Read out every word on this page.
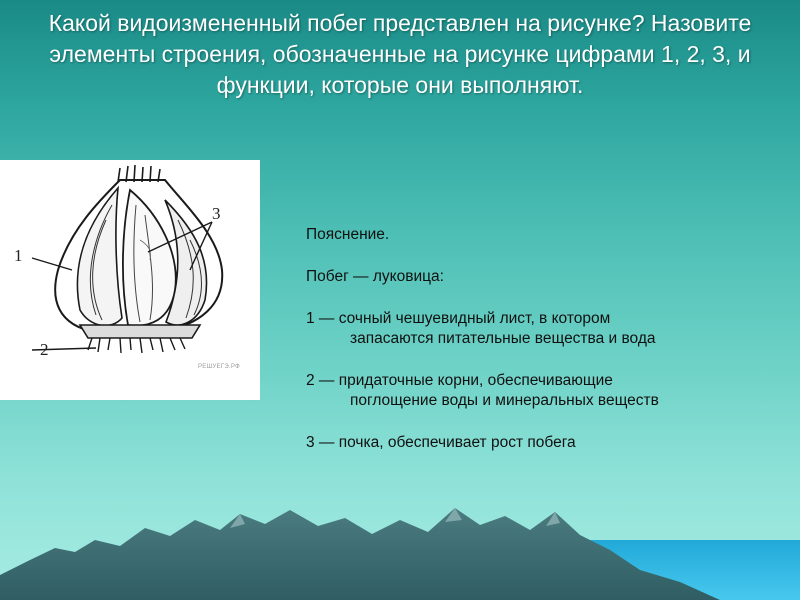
Какой видоизмененный побег представлен на рисунке? Назовите элементы строения, обозначенные на рисунке цифрами 1, 2, 3, и функции, которые они выполняют.
1
2
3
РЕШУЕГЭ.РФ

Пояснение.

Побег — луковица:

1 — сочный чешуевидный лист, в котором

запасаются питательные вещества и вода

2 — придаточные корни, обеспечивающие

поглощение воды и минеральных веществ

3 — почка, обеспечивает рост побега
